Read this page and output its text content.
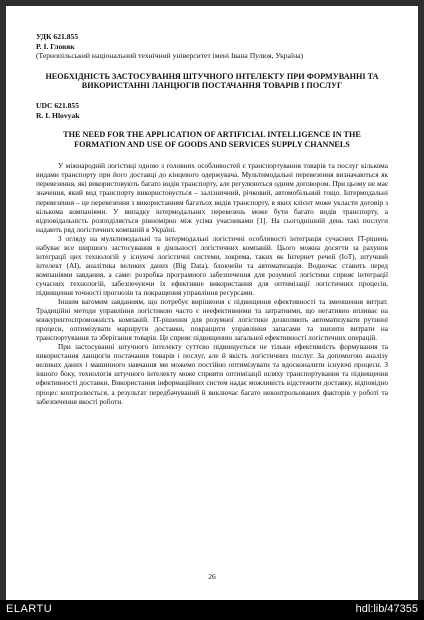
УДК 621.855
Р. І. Гловяк
(Тернопільський національний технічний університет імені Івана Пулюя, Україна)
НЕОБХІДНІСТЬ ЗАСТОСУВАННЯ ШТУЧНОГО ІНТЕЛЕКТУ ПРИ ФОРМУВАННІ ТА ВИКОРИСТАННІ ЛАНЦЮГІВ ПОСТАЧАННЯ ТОВАРІВ І ПОСЛУГ
UDC 621.855
R. I. Hlovyak
THE NEED FOR THE APPLICATION OF ARTIFICIAL INTELLIGENCE IN THE FORMATION AND USE OF GOODS AND SERVICES SUPPLY CHANNELS

У міжнародній логістиці одною з головних особливостей є транспортування товарів та послуг кількома видами транспорту при його доставці до кінцевого одержувача. Мультимодальні перевезення визначаються як перевезення, які використовують багато видів транспорту, але регулюються одним договором. При цьому не має значення, який вид транспорту використовується – залізничний, річковий, автомобільний тощо. Інтермодальні перевезення – це перевезення з використанням багатьох видів транспорту, в яких клієнт може укласти договір з кількома компаніями. У випадку інтермодальних перевезень може бути багато видів транспорту, а відповідальність розподіляється рівномірно між усіма учасниками [1]. На сьогоднішній день такі послуги надають ряд логістичних компаній в Україні.

З огляду на мультимодальні та інтермодальні логістичні особливості інтеграція сучасних IT-рішень набуває все ширшого застосування в діяльності логістичних компаній. Цього можна досягти за рахунок інтеграції цих технологій у існуючі логістичні системи, зокрема, таких як Інтернет речей (IoT), штучний інтелект (AI), аналітика великих даних (Big Data), блокчейн та автоматизація. Водночас ставить перед компаніями завдання, а саме: розробка програмного забезпечення для розумної логістики сприяє інтеграції сучасних технологій, забезпечуючи їх ефективне використання для оптимізації логістичних процесів, підвищення точності прогнозів та покращення управління ресурсами.

Іншим вагомим завданням, що потребує вирішення є підвищення ефективності та зменшення витрат. Традиційні методи управління логістикою часто є неефективними та затратними, що негативно впливає на конкурентоспроможність компаній. IT-рішення для розумної логістики дозволяють автоматизувати рутинні процеси, оптимізувати маршрути доставки, покращити управління запасами та знизити витрати на транспортування та зберігання товарів. Це сприяє підвищенню загальної ефективності логістичних операцій.

При застосуванні штучного інтелекту суттєво підвищується не тільки ефективність формування та використання ланцюгів постачання товарів і послуг, але й якість логістичних послуг. За допомогою аналізу великих даних і машинного навчання ми можемо постійно оптимізувати та вдосконалити існуючі процеси. З іншого боку, технологія штучного інтелекту може сприяти оптимізації шляху транспортування та підвищення ефективності доставки. Використання інформаційних систем надає можливість відстежити доставку, відповідно процес контролюється, а результат передбачуваний й виключає багато неконтрольованих факторів у роботі та забезпечення якості роботи.

26
ELARTU	hdl:lib/47355
